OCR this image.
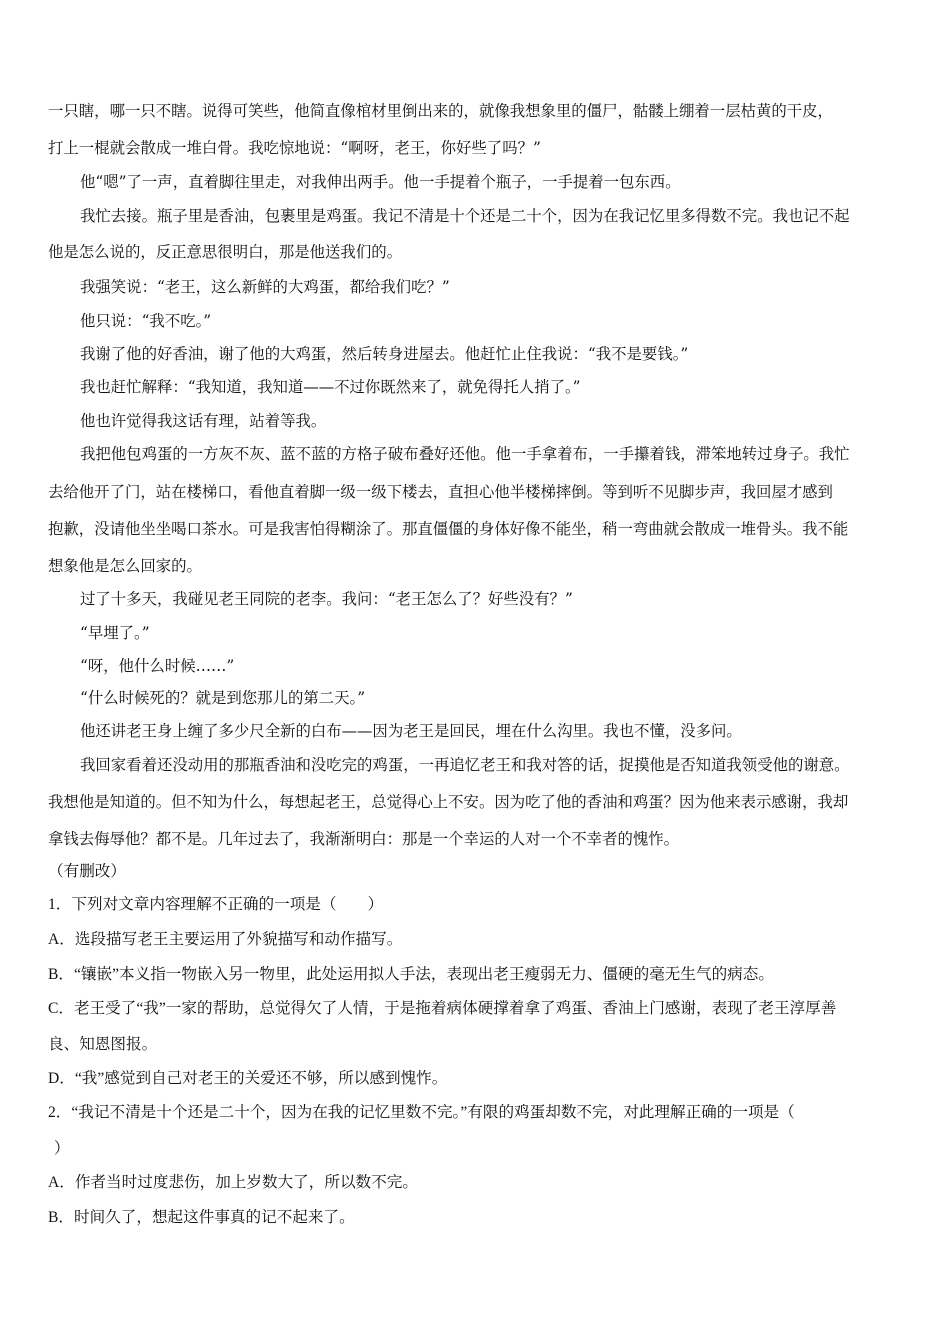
一只瞎，哪一只不瞎。说得可笑些，他简直像棺材里倒出来的，就像我想象里的僵尸，骷髅上绷着一层枯黄的干皮，
打上一棍就会散成一堆白骨。我吃惊地说：“啊呀，老王，你好些了吗？”
他“嗯”了一声，直着脚往里走，对我伸出两手。他一手提着个瓶子，一手提着一包东西。
我忙去接。瓶子里是香油，包裹里是鸡蛋。我记不清是十个还是二十个，因为在我记忆里多得数不完。我也记不起
他是怎么说的，反正意思很明白，那是他送我们的。
我强笑说：“老王，这么新鲜的大鸡蛋，都给我们吃？”
他只说：“我不吃。”
我谢了他的好香油，谢了他的大鸡蛋，然后转身进屋去。他赶忙止住我说：“我不是要钱。”
我也赶忙解释：“我知道，我知道——不过你既然来了，就免得托人捎了。”
他也许觉得我这话有理，站着等我。
我把他包鸡蛋的一方灰不灰、蓝不蓝的方格子破布叠好还他。他一手拿着布，一手攥着钱，滞笨地转过身子。我忙
去给他开了门，站在楼梯口，看他直着脚一级一级下楼去，直担心他半楼梯摔倒。等到听不见脚步声，我回屋才感到
抱歉，没请他坐坐喝口茶水。可是我害怕得糊涂了。那直僵僵的身体好像不能坐，稍一弯曲就会散成一堆骨头。我不能
想象他是怎么回家的。
过了十多天，我碰见老王同院的老李。我问：“老王怎么了？好些没有？”
“早埋了。”
“呀，他什么时候……”
“什么时候死的？就是到您那儿的第二天。”
他还讲老王身上缠了多少尺全新的白布——因为老王是回民，埋在什么沟里。我也不懂，没多问。
我回家看着还没动用的那瓶香油和没吃完的鸡蛋，一再追忆老王和我对答的话，捉摸他是否知道我领受他的谢意。
我想他是知道的。但不知为什么，每想起老王，总觉得心上不安。因为吃了他的香油和鸡蛋？因为他来表示感谢，我却
拿钱去侮辱他？都不是。几年过去了，我渐渐明白：那是一个幸运的人对一个不幸者的愧怍。
（有删改）
1．下列对文章内容理解不正确的一项是（　　）
A．选段描写老王主要运用了外貌描写和动作描写。
B．“镶嵌”本义指一物嵌入另一物里，此处运用拟人手法，表现出老王瘦弱无力、僵硬的毫无生气的病态。
C．老王受了“我”一家的帮助，总觉得欠了人情，于是拖着病体硬撑着拿了鸡蛋、香油上门感谢，表现了老王淳厚善
良、知恩图报。
D．“我”感觉到自己对老王的关爱还不够，所以感到愧怍。
2．“我记不清是十个还是二十个，因为在我的记忆里数不完。”有限的鸡蛋却数不完，对此理解正确的一项是（
）
A．作者当时过度悲伤，加上岁数大了，所以数不完。
B．时间久了，想起这件事真的记不起来了。
